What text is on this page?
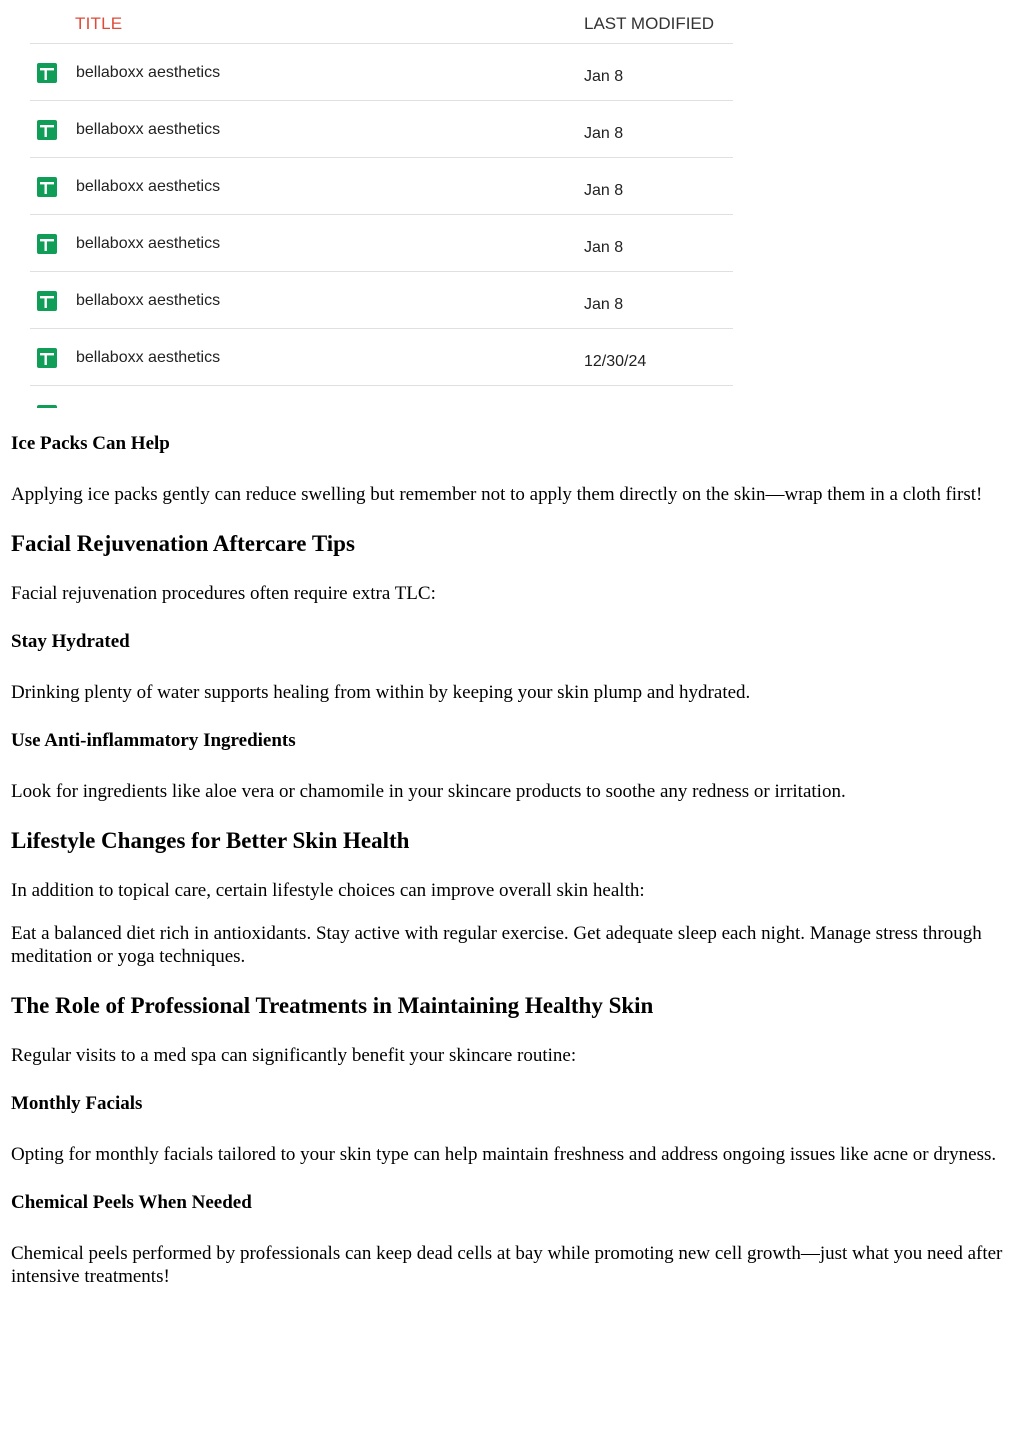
TITLE	LAST MODIFIED
bellaboxx aesthetics	Jan 8
bellaboxx aesthetics	Jan 8
bellaboxx aesthetics	Jan 8
bellaboxx aesthetics	Jan 8
bellaboxx aesthetics	Jan 8
bellaboxx aesthetics	12/30/24
Ice Packs Can Help

Applying ice packs gently can reduce swelling but remember not to apply them directly on the skin—wrap them in a cloth first!

Facial Rejuvenation Aftercare Tips

Facial rejuvenation procedures often require extra TLC:

Stay Hydrated

Drinking plenty of water supports healing from within by keeping your skin plump and hydrated.

Use Anti-inflammatory Ingredients

Look for ingredients like aloe vera or chamomile in your skincare products to soothe any redness or irritation.

Lifestyle Changes for Better Skin Health

In addition to topical care, certain lifestyle choices can improve overall skin health:

Eat a balanced diet rich in antioxidants. Stay active with regular exercise. Get adequate sleep each night. Manage stress through meditation or yoga techniques.

The Role of Professional Treatments in Maintaining Healthy Skin

Regular visits to a med spa can significantly benefit your skincare routine:

Monthly Facials

Opting for monthly facials tailored to your skin type can help maintain freshness and address ongoing issues like acne or dryness.

Chemical Peels When Needed

Chemical peels performed by professionals can keep dead cells at bay while promoting new cell growth—just what you need after intensive treatments!
